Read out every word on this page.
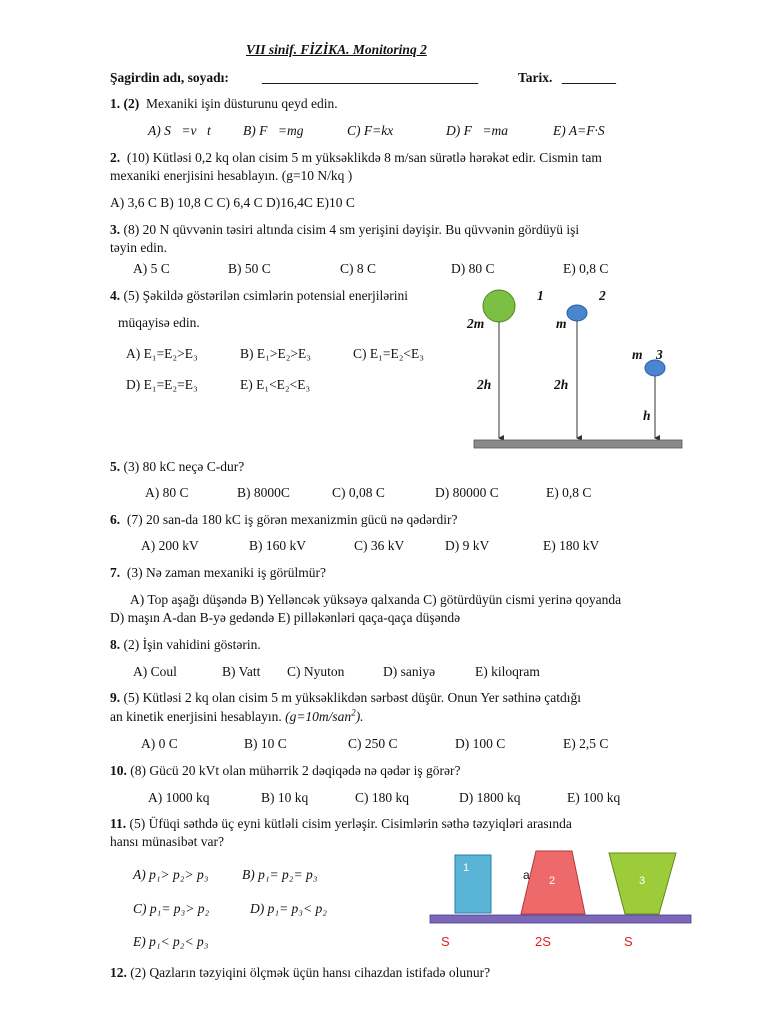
VII sinif. FİZİKA. Monitorinq 2
Şagirdin adı, soyadı: ________________________________	Tarix. ________
1. (2) Mexaniki işin düsturunu qeyd edin.
A) S⃗=v⃗t	B) F⃗=mg⃗	C) F=kx	D) F⃗=ma⃗	E) A=F·S
2. (10) Kütləsi 0,2 kq olan cisim 5 m yüksəklikdə 8 m/san sürətlə hərəkət edir. Cismin tam
mexaniki enerjisini hesablayın. (g=10 N/kq )
A) 3,6 C B) 10,8 C C) 6,4 C D)16,4C E)10 C
3. (8) 20 N qüvvənin təsiri altında cisim 4 sm yerişini dəyişir. Bu qüvvənin gördüyü işi
təyin edin.
A) 5 C	B) 50 C	C) 8 C	D) 80 C	E) 0,8 C
4. (5) Şəkildə göstərilən csimlərin potensial enerjilərini
müqayisə edin.
A) E₁=E₂>E₃	B) E₁>E₂>E₃	C) E₁=E₂<E₃
D) E₁=E₂=E₃	E) E₁<E₂<E₃
1	2
2m	m
m 3
2h	2h
h
5. (3) 80 kC neçə C-dur?
A) 80 C	B) 8000C	C) 0,08 C	D) 80000 C	E) 0,8 C
6. (7) 20 san-da 180 kC iş görən mexanizmin gücü nə qədərdir?
A) 200 kV	B) 160 kV	C) 36 kV	D) 9 kV	E) 180 kV
7. (3) Nə zaman mexaniki iş görülmür?
A) Top aşağı düşəndə B) Yelləncək yüksəyə qalxanda C) götürdüyün cismi yerinə qoyanda
D) maşın A-dan B-yə gedəndə E) pilləkənləri qaça-qaça düşəndə
8. (2) İşin vahidini göstərin.
A) Coul	B) Vatt	C) Nyuton	D) saniyə	E) kiloqram
9. (5) Kütləsi 2 kq olan cisim 5 m yüksəklikdən sərbəst düşür. Onun Yer səthinə çatdığı
an kinetik enerjisini hesablayın. (g=10m/san$^2$).
A) 0 C	B) 10 C	C) 250 C	D) 100 C	E) 2,5 C
10. (8) Gücü 20 kVt olan mühərrik 2 dəqiqədə nə qədər iş görər?
A) 1000 kq	B) 10 kq	C) 180 kq	D) 1800 kq	E) 100 kq
11. (5) Üfüqi səthdə üç eyni kütləli cisim yerləşir. Cisimlərin səthə təzyiqləri arasında
hansı münasibət var?
A) p₁> p₂> p₃ B) p₁= p₂= p₃
C) p₁= p₃> p₂	D) p₁= p₃< p₂
E) p₁< p₂< p₃
1
2	3
a
S	2S	S
12. (2) Qazların təzyiqini ölçmək üçün hansı cihazdan istifadə olunur?
